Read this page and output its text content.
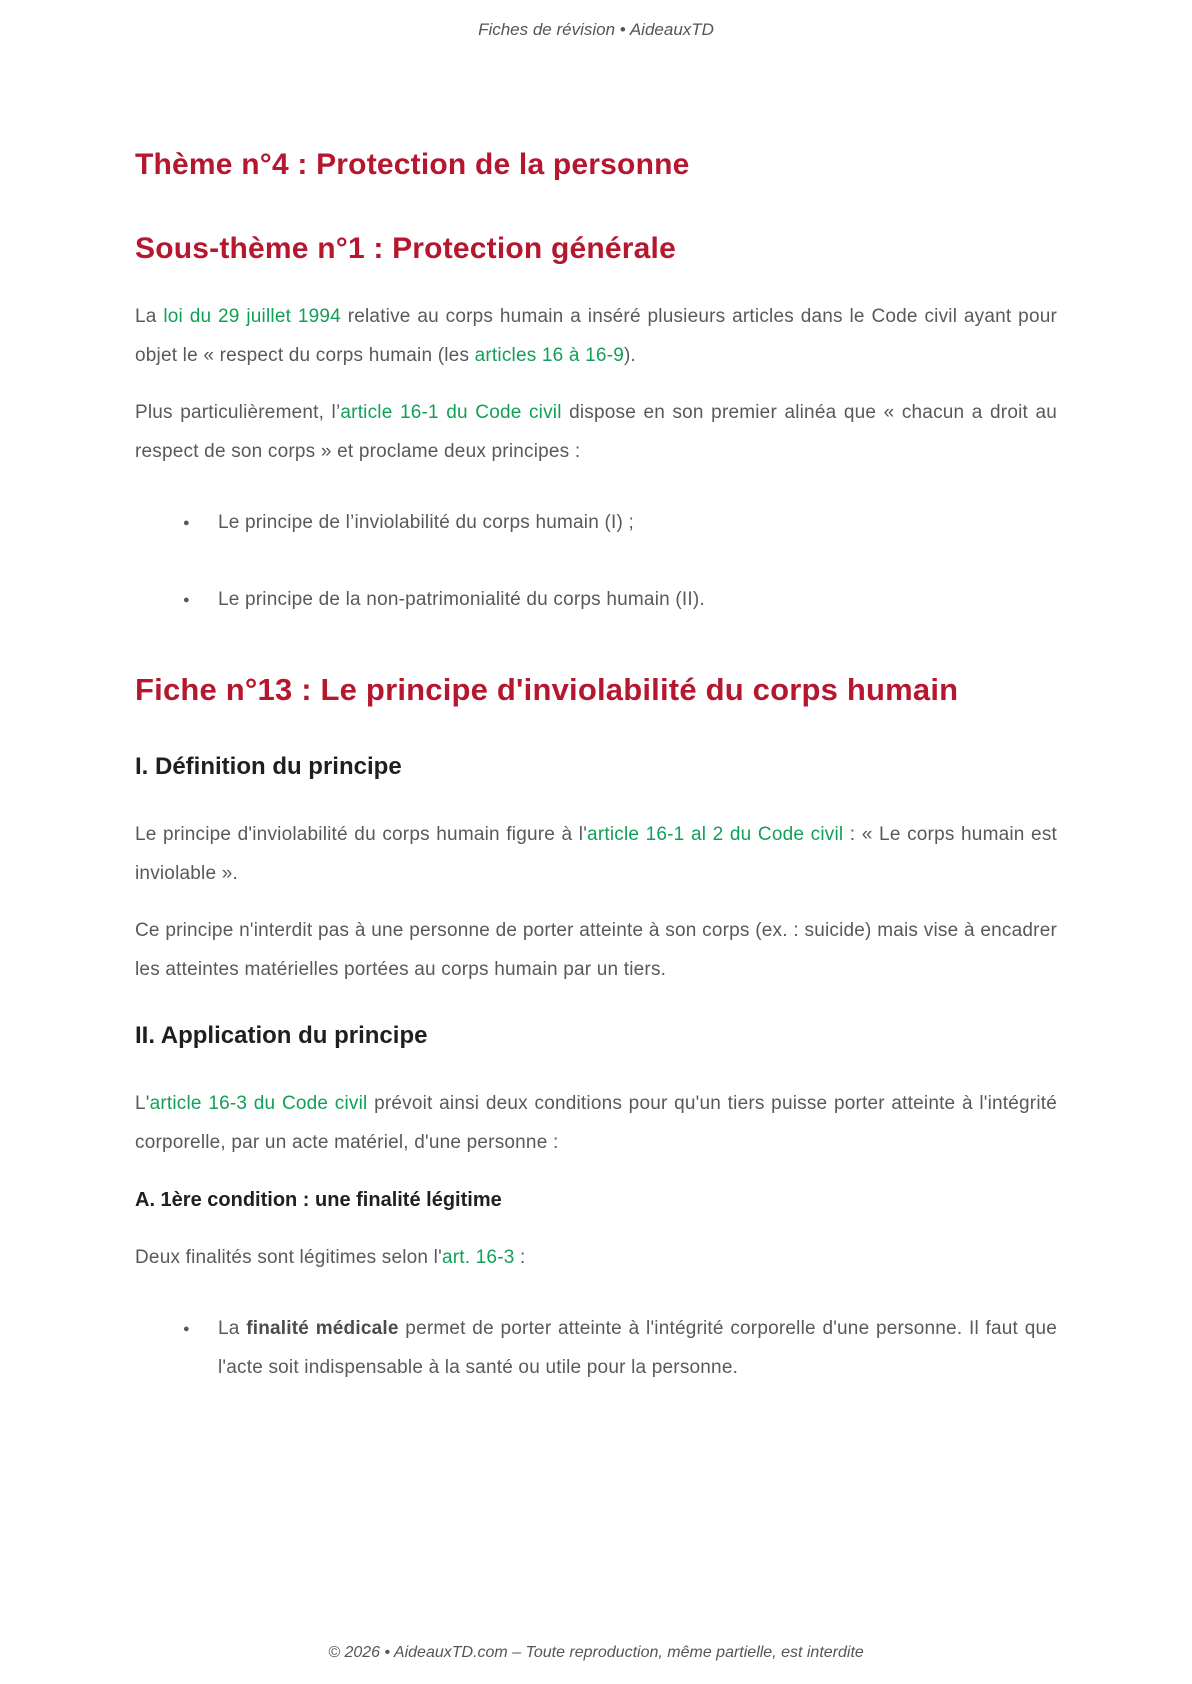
Fiches de révision • AideauxTD
Thème n°4 : Protection de la personne
Sous-thème n°1 : Protection générale

La loi du 29 juillet 1994 relative au corps humain a inséré plusieurs articles dans le Code civil ayant pour objet le « respect du corps humain (les articles 16 à 16-9).

Plus particulièrement, l’article 16-1 du Code civil dispose en son premier alinéa que « chacun a droit au respect de son corps » et proclame deux principes :

● Le principe de l’inviolabilité du corps humain (I) ;
● Le principe de la non-patrimonialité du corps humain (II).
Fiche n°13 : Le principe d'inviolabilité du corps humain
I. Définition du principe

Le principe d'inviolabilité du corps humain figure à l'article 16-1 al 2 du Code civil : « Le corps humain est inviolable ».

Ce principe n'interdit pas à une personne de porter atteinte à son corps (ex. : suicide) mais vise à encadrer les atteintes matérielles portées au corps humain par un tiers.

II. Application du principe

L'article 16-3 du Code civil prévoit ainsi deux conditions pour qu'un tiers puisse porter atteinte à l'intégrité corporelle, par un acte matériel, d'une personne :

A. 1ère condition : une finalité légitime

Deux finalités sont légitimes selon l'art. 16-3 :

● La finalité médicale permet de porter atteinte à l'intégrité corporelle d'une personne. Il faut que l'acte soit indispensable à la santé ou utile pour la personne.
© 2026 • AideauxTD.com – Toute reproduction, même partielle, est interdite
